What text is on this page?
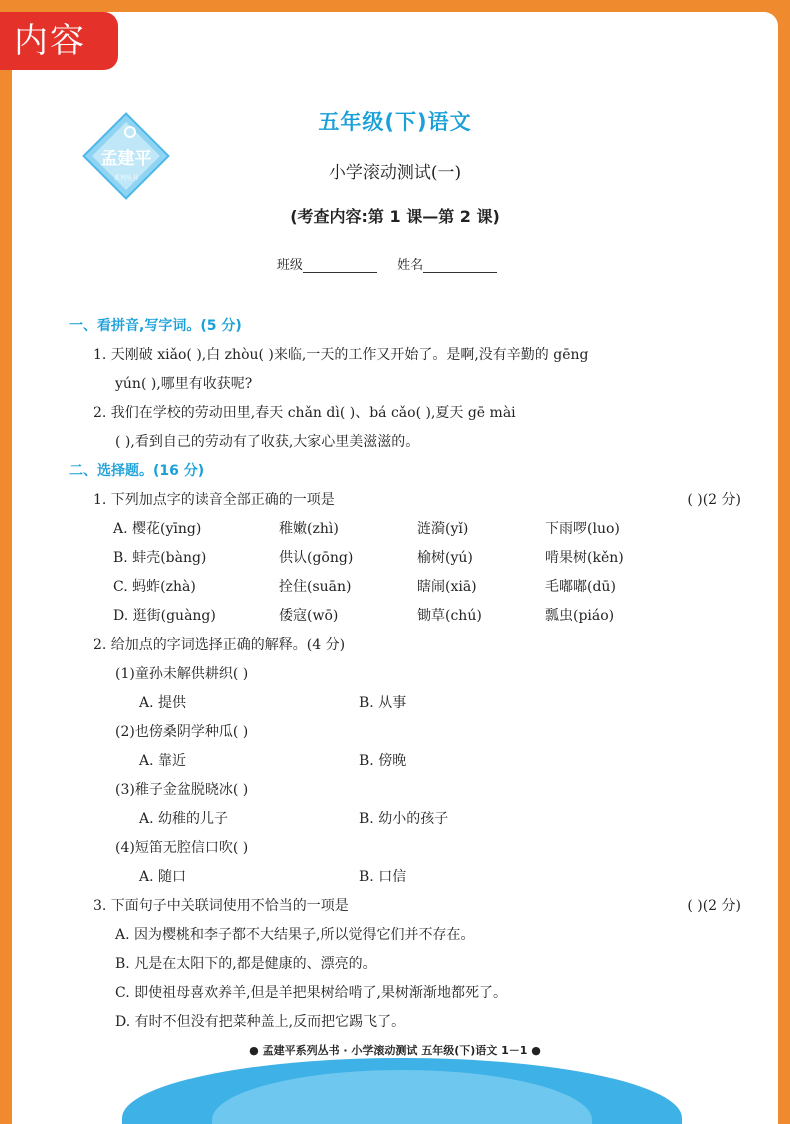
内容
孟建平
系列丛书
五年级(下)语文
小学滚动测试(一)
(考查内容:第 1 课—第 2 课)
班级	姓名
一、看拼音,写字词。(5 分)
1. 天刚破 xiǎo( ),白 zhòu( )来临,一天的工作又开始了。是啊,没有辛勤的 gēng
yún( ),哪里有收获呢?
2. 我们在学校的劳动田里,春天 chǎn dì( )、bá cǎo( ),夏天 gē mài
( ),看到自己的劳动有了收获,大家心里美滋滋的。
二、选择题。(16 分)
1. 下列加点字的读音全部正确的一项是	( )(2 分)
A. 樱花(yīng)	稚嫩(zhì)	涟漪(yǐ)	下雨啰(luo)
B. 蚌壳(bàng)	供认(gōng)	榆树(yú)	啃果树(kěn)
C. 蚂蚱(zhà)	拴住(suān)	瞎闹(xiā)	毛嘟嘟(dū)
D. 逛街(guàng)	倭寇(wō)	锄草(chú)	瓢虫(piáo)
2. 给加点的字词选择正确的解释。(4 分)
(1)童孙未解供耕织( )
A. 提供	B. 从事
(2)也傍桑阴学种瓜( )
A. 靠近	B. 傍晚
(3)稚子金盆脱晓冰( )
A. 幼稚的儿子	B. 幼小的孩子
(4)短笛无腔信口吹( )
A. 随口	B. 口信
3. 下面句子中关联词使用不恰当的一项是	( )(2 分)
A. 因为樱桃和李子都不大结果子,所以觉得它们并不存在。
B. 凡是在太阳下的,都是健康的、漂亮的。
C. 即使祖母喜欢养羊,但是羊把果树给啃了,果树渐渐地都死了。
D. 有时不但没有把菜种盖上,反而把它踢飞了。
● 孟建平系列丛书 · 小学滚动测试 五年级(下)语文 1－1 ●
